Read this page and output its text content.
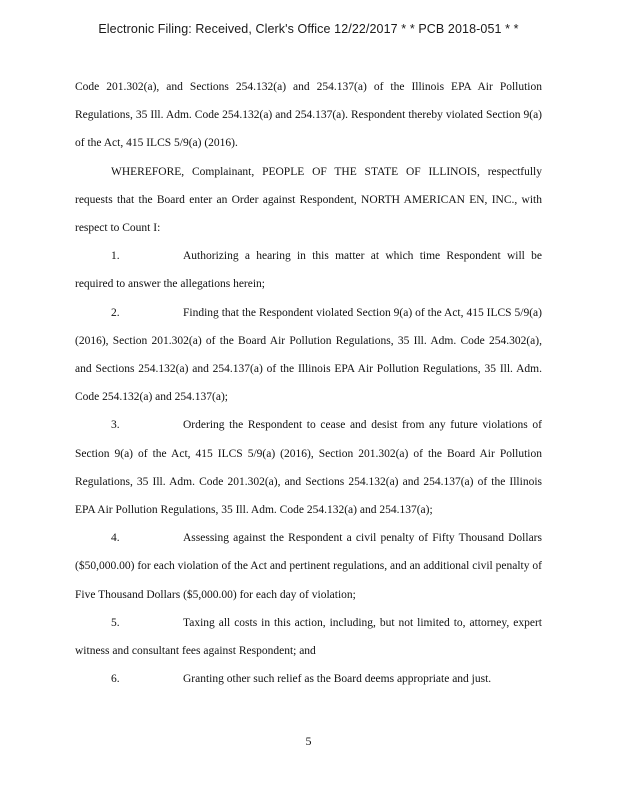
Electronic Filing: Received, Clerk's Office 12/22/2017 * * PCB 2018-051 * *

Code 201.302(a), and Sections 254.132(a) and 254.137(a) of the Illinois EPA Air Pollution Regulations, 35 Ill. Adm. Code 254.132(a) and 254.137(a). Respondent thereby violated Section 9(a) of the Act, 415 ILCS 5/9(a) (2016).

WHEREFORE, Complainant, PEOPLE OF THE STATE OF ILLINOIS, respectfully requests that the Board enter an Order against Respondent, NORTH AMERICAN EN, INC., with respect to Count I:

1.	Authorizing a hearing in this matter at which time Respondent will be required to answer the allegations herein;

2.	Finding that the Respondent violated Section 9(a) of the Act, 415 ILCS 5/9(a) (2016), Section 201.302(a) of the Board Air Pollution Regulations, 35 Ill. Adm. Code 254.302(a), and Sections 254.132(a) and 254.137(a) of the Illinois EPA Air Pollution Regulations, 35 Ill. Adm. Code 254.132(a) and 254.137(a);

3.	Ordering the Respondent to cease and desist from any future violations of Section 9(a) of the Act, 415 ILCS 5/9(a) (2016), Section 201.302(a) of the Board Air Pollution Regulations, 35 Ill. Adm. Code 201.302(a), and Sections 254.132(a) and 254.137(a) of the Illinois EPA Air Pollution Regulations, 35 Ill. Adm. Code 254.132(a) and 254.137(a);

4.	Assessing against the Respondent a civil penalty of Fifty Thousand Dollars ($50,000.00) for each violation of the Act and pertinent regulations, and an additional civil penalty of Five Thousand Dollars ($5,000.00) for each day of violation;

5.	Taxing all costs in this action, including, but not limited to, attorney, expert witness and consultant fees against Respondent; and

6.	Granting other such relief as the Board deems appropriate and just.

5
